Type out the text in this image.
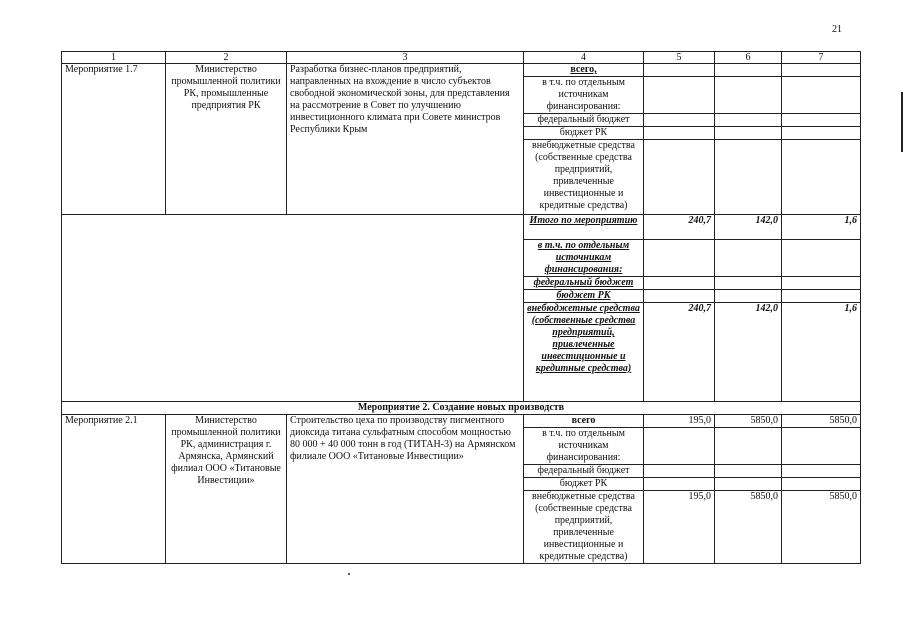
21
1	2	3	4	5	6	7
Мероприятие 1.7	Министерство промышленной политики РК, промышленные предприятия РК	Разработка бизнес-планов предприятий, направленных на вхождение в число субъектов свободной экономической зоны, для представления на рассмотрение в Совет по улучшению инвестиционного климата при Совете министров Республики Крым	всего,			
			в т.ч. по отдельным источникам финансирования:			
			федеральный бюджет			
			бюджет РК			
			внебюджетные средства (собственные средства предприятий, привлеченные инвестиционные и кредитные средства)			
			Итого по мероприятию	240,7	142,0	1,6
			в т.ч. по отдельным источникам финансирования:			
			федеральный бюджет			
			бюджет РК			
			внебюджетные средства (собственные средства предприятий, привлеченные инвестиционные и кредитные средства)	240,7	142,0	1,6
Мероприятие 2. Создание новых производств						
Мероприятие 2.1	Министерство промышленной политики РК, администрация г. Армянска, Армянский филиал ООО «Титановые Инвестиции»	Строительство цеха по производству пигментного диоксида титана сульфатным способом мощностью 80 000 + 40 000 тонн в год (ТИТАН-3) на Армянском филиале ООО «Титановые Инвестиции»	всего	195,0	5850,0	5850,0
			в т.ч. по отдельным источникам финансирования:			
			федеральный бюджет			
			бюджет РК			
			внебюджетные средства (собственные средства предприятий, привлеченные инвестиционные и кредитные средства)	195,0	5850,0	5850,0
